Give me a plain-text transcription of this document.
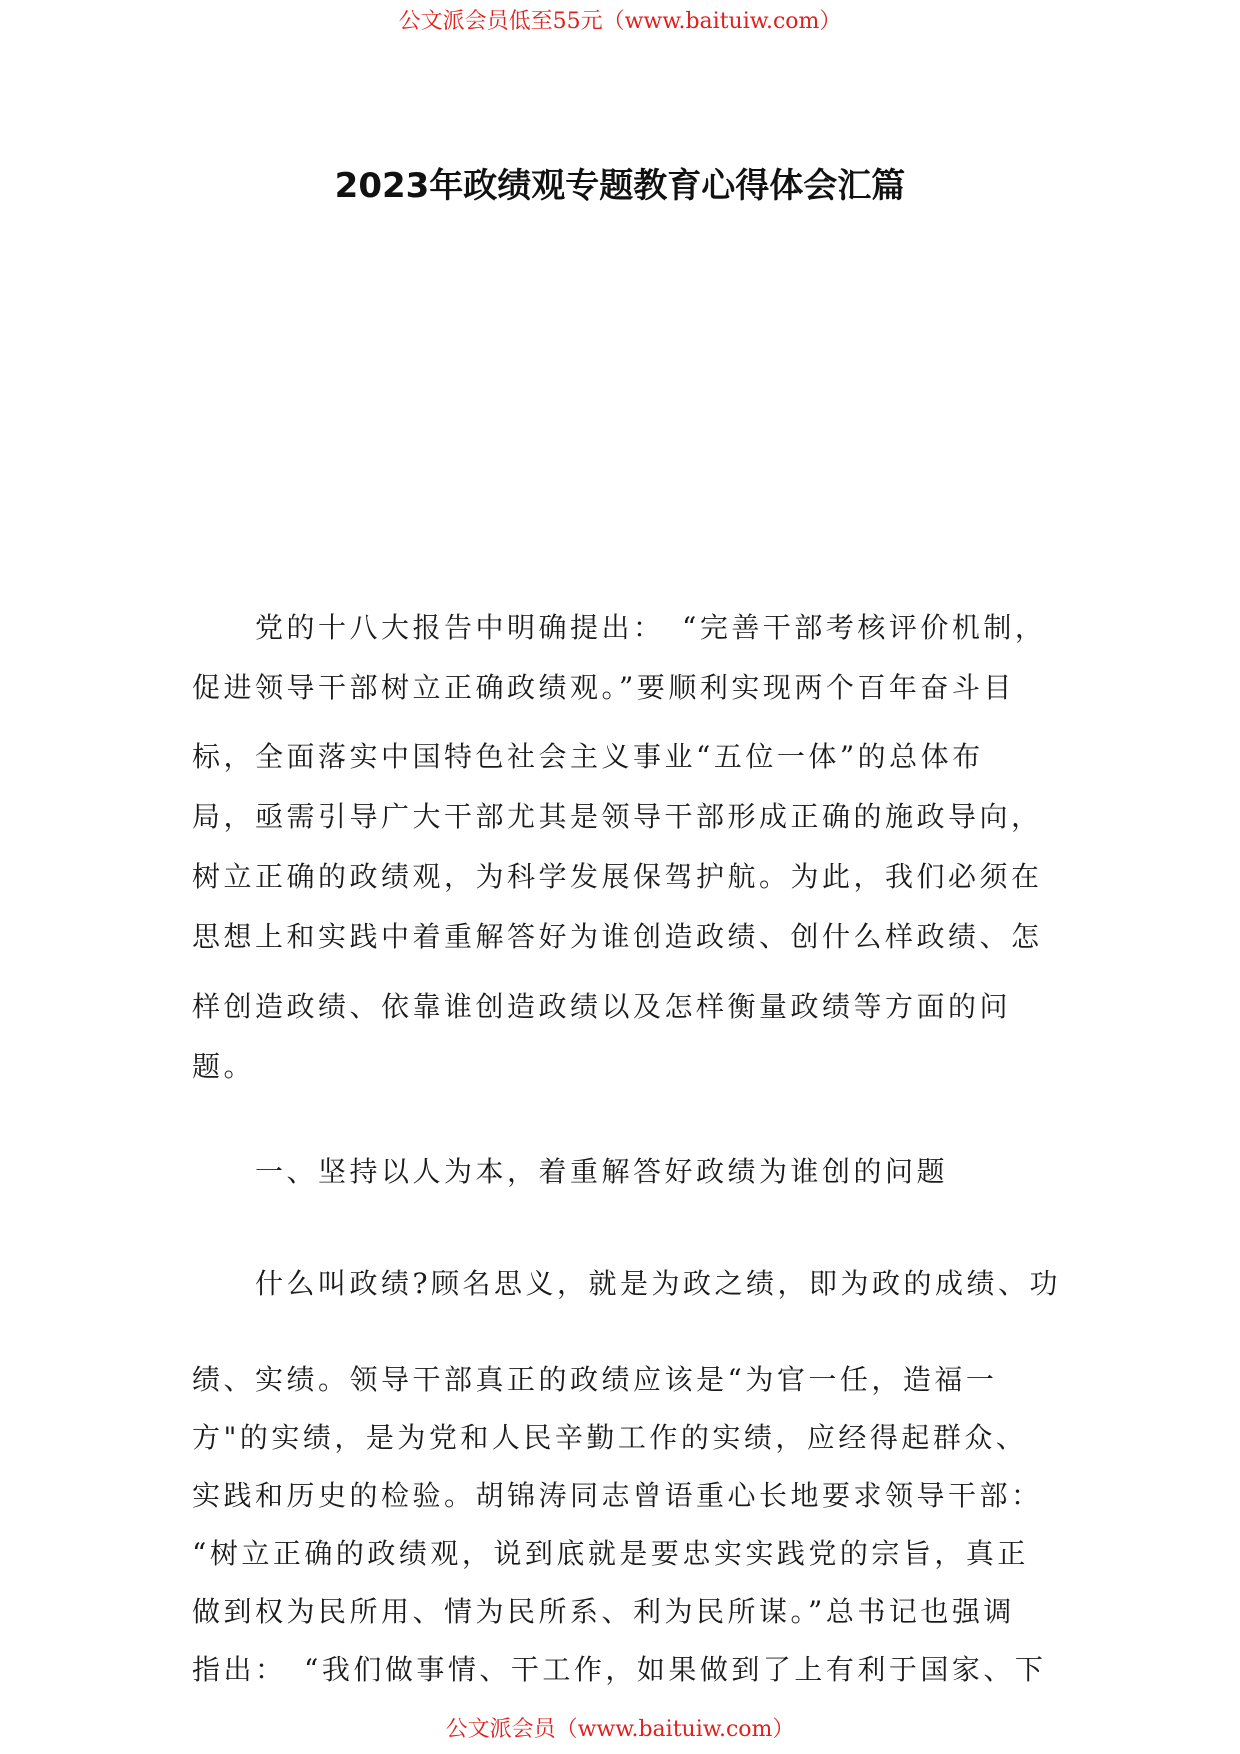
公文派会员低至55元（www.baituiw.com）
2023年政绩观专题教育心得体会汇篇
党的十八大报告中明确提出：　“完善干部考核评价机制，
促进领导干部树立正确政绩观。”要顺利实现两个百年奋斗目
标，全面落实中国特色社会主义事业“五位一体”的总体布
局，亟需引导广大干部尤其是领导干部形成正确的施政导向，
树立正确的政绩观，为科学发展保驾护航。为此，我们必须在
思想上和实践中着重解答好为谁创造政绩、创什么样政绩、怎
样创造政绩、依靠谁创造政绩以及怎样衡量政绩等方面的问
题。
一、坚持以人为本，着重解答好政绩为谁创的问题
什么叫政绩?顾名思义，就是为政之绩，即为政的成绩、功
绩、实绩。领导干部真正的政绩应该是“为官一任，造福一
方"的实绩，是为党和人民辛勤工作的实绩，应经得起群众、
实践和历史的检验。胡锦涛同志曾语重心长地要求领导干部：
“树立正确的政绩观，说到底就是要忠实实践党的宗旨，真正
做到权为民所用、情为民所系、利为民所谋。”总书记也强调
指出：　“我们做事情、干工作，如果做到了上有利于国家、下
公文派会员（www.baituiw.com）
